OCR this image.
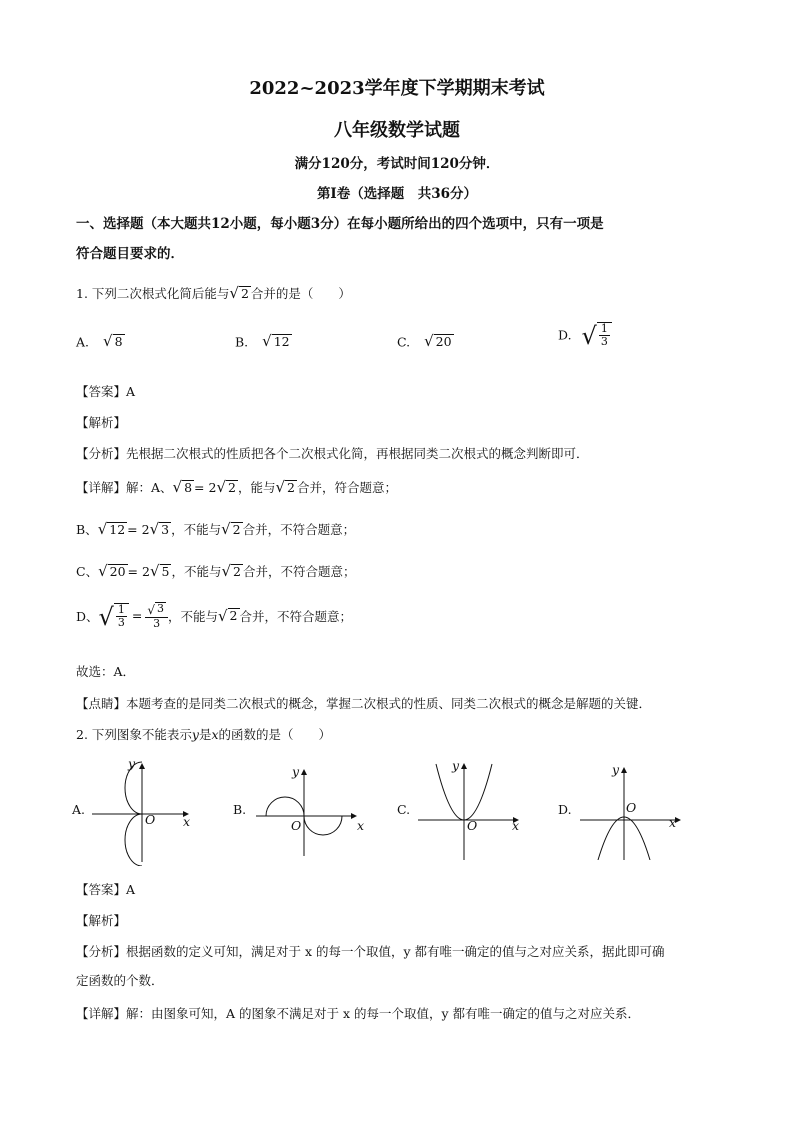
2022~2023学年度下学期期末考试
八年级数学试题
满分120分，考试时间120分钟．
第Ⅰ卷（选择题　共36分）
一、选择题（本大题共12小题，每小题3分）在每小题所给出的四个选项中，只有一项是
符合题目要求的．
1. 下列二次根式化简后能与 √ 2 合并的是（　　）
A. √ 8	B. √ 12	C. √ 20	D. √ $\frac{1}{3}$
【答案】A
【解析】
【分析】先根据二次根式的性质把各个二次根式化简，再根据同类二次根式的概念判断即可．
【详解】解：A、 √ 8 = 2 √ 2 ，能与 √ 2 合并，符合题意；
B、 √ 12 = 2 √ 3 ，不能与 √ 2 合并，不符合题意；
C、 √ 20 = 2 √ 5 ，不能与 √ 2 合并，不符合题意；
D、 √ $\frac{1}{3} = \frac{√ 3}{3}$ ，不能与 √ 2 合并，不符合题意；
故选：A．
【点睛】本题考查的是同类二次根式的概念，掌握二次根式的性质、同类二次根式的概念是解题的关键．
2. 下列图象不能表示y是x的函数的是（　　）
A.
y
x
O
B.
y
x
O
C.
y
x
O
D.
y
x
O
【答案】A
【解析】
【分析】根据函数的定义可知，满足对于 x 的每一个取值，y 都有唯一确定的值与之对应关系，据此即可确
定函数的个数．
【详解】解：由图象可知，A 的图象不满足对于 x 的每一个取值，y 都有唯一确定的值与之对应关系．
